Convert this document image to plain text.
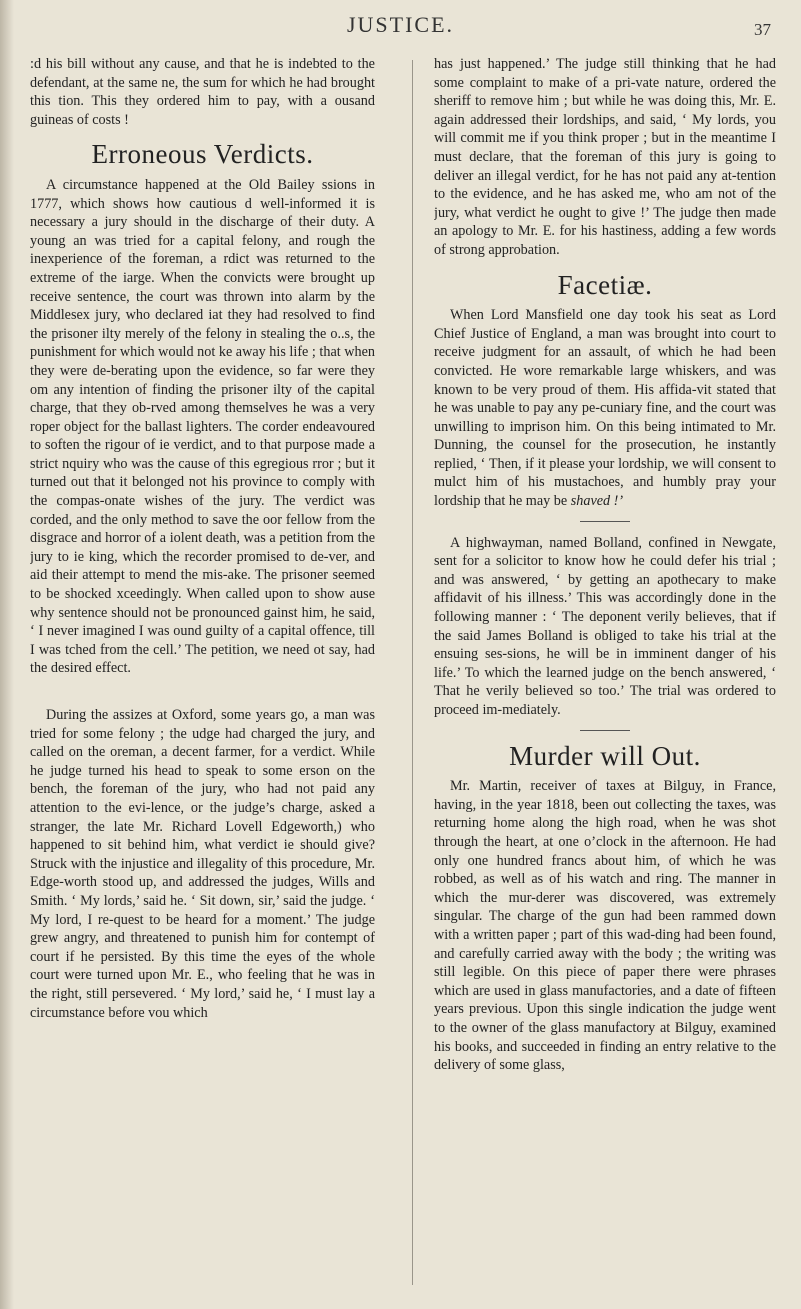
JUSTICE.	37

:d his bill without any cause, and that he is indebted to the defendant, at the same ne, the sum for which he had brought this tion. This they ordered him to pay, with a ousand guineas of costs !

Erroneous Verdicts.

A circumstance happened at the Old Bailey ssions in 1777, which shows how cautious d well-informed it is necessary a jury should in the discharge of their duty. A young an was tried for a capital felony, and rough the inexperience of the foreman, a rdict was returned to the extreme of the iarge. When the convicts were brought up receive sentence, the court was thrown into alarm by the Middlesex jury, who declared iat they had resolved to find the prisoner ilty merely of the felony in stealing the o..s, the punishment for which would not ke away his life ; that when they were de-berating upon the evidence, so far were they om any intention of finding the prisoner ilty of the capital charge, that they ob-rved among themselves he was a very roper object for the ballast lighters. The corder endeavoured to soften the rigour of ie verdict, and to that purpose made a strict nquiry who was the cause of this egregious rror ; but it turned out that it belonged not his province to comply with the compas-onate wishes of the jury. The verdict was corded, and the only method to save the oor fellow from the disgrace and horror of a iolent death, was a petition from the jury to ie king, which the recorder promised to de-ver, and aid their attempt to mend the mis-ake. The prisoner seemed to be shocked xceedingly. When called upon to show ause why sentence should not be pronounced gainst him, he said, ‘ I never imagined I was ound guilty of a capital offence, till I was tched from the cell.’ The petition, we need ot say, had the desired effect.

During the assizes at Oxford, some years go, a man was tried for some felony ; the udge had charged the jury, and called on the oreman, a decent farmer, for a verdict. While he judge turned his head to speak to some erson on the bench, the foreman of the jury, who had not paid any attention to the evi-lence, or the judge’s charge, asked a stranger, the late Mr. Richard Lovell Edgeworth,) who happened to sit behind him, what verdict ie should give? Struck with the injustice and illegality of this procedure, Mr. Edge-worth stood up, and addressed the judges, Wills and Smith. ‘ My lords,’ said he. ‘ Sit down, sir,’ said the judge. ‘ My lord, I re-quest to be heard for a moment.’ The judge grew angry, and threatened to punish him for contempt of court if he persisted. By this time the eyes of the whole court were turned upon Mr. E., who feeling that he was in the right, still persevered. ‘ My lord,’ said he, ‘ I must lay a circumstance before vou which

has just happened.’ The judge still thinking that he had some complaint to make of a pri-vate nature, ordered the sheriff to remove him ; but while he was doing this, Mr. E. again addressed their lordships, and said, ‘ My lords, you will commit me if you think proper ; but in the meantime I must declare, that the foreman of this jury is going to deliver an illegal verdict, for he has not paid any at-tention to the evidence, and he has asked me, who am not of the jury, what verdict he ought to give !’ The judge then made an apology to Mr. E. for his hastiness, adding a few words of strong approbation.

Facetiæ.

When Lord Mansfield one day took his seat as Lord Chief Justice of England, a man was brought into court to receive judgment for an assault, of which he had been convicted. He wore remarkable large whiskers, and was known to be very proud of them. His affida-vit stated that he was unable to pay any pe-cuniary fine, and the court was unwilling to imprison him. On this being intimated to Mr. Dunning, the counsel for the prosecution, he instantly replied, ‘ Then, if it please your lordship, we will consent to mulct him of his mustachoes, and humbly pray your lordship that he may be shaved !’

A highwayman, named Bolland, confined in Newgate, sent for a solicitor to know how he could defer his trial ; and was answered, ‘ by getting an apothecary to make affidavit of his illness.’ This was accordingly done in the following manner : ‘ The deponent verily believes, that if the said James Bolland is obliged to take his trial at the ensuing ses-sions, he will be in imminent danger of his life.’ To which the learned judge on the bench answered, ‘ That he verily believed so too.’ The trial was ordered to proceed im-mediately.

Murder will Out.

Mr. Martin, receiver of taxes at Bilguy, in France, having, in the year 1818, been out collecting the taxes, was returning home along the high road, when he was shot through the heart, at one o’clock in the afternoon. He had only one hundred francs about him, of which he was robbed, as well as of his watch and ring. The manner in which the mur-derer was discovered, was extremely singular. The charge of the gun had been rammed down with a written paper ; part of this wad-ding had been found, and carefully carried away with the body ; the writing was still legible. On this piece of paper there were phrases which are used in glass manufactories, and a date of fifteen years previous. Upon this single indication the judge went to the owner of the glass manufactory at Bilguy, examined his books, and succeeded in finding an entry relative to the delivery of some glass,
